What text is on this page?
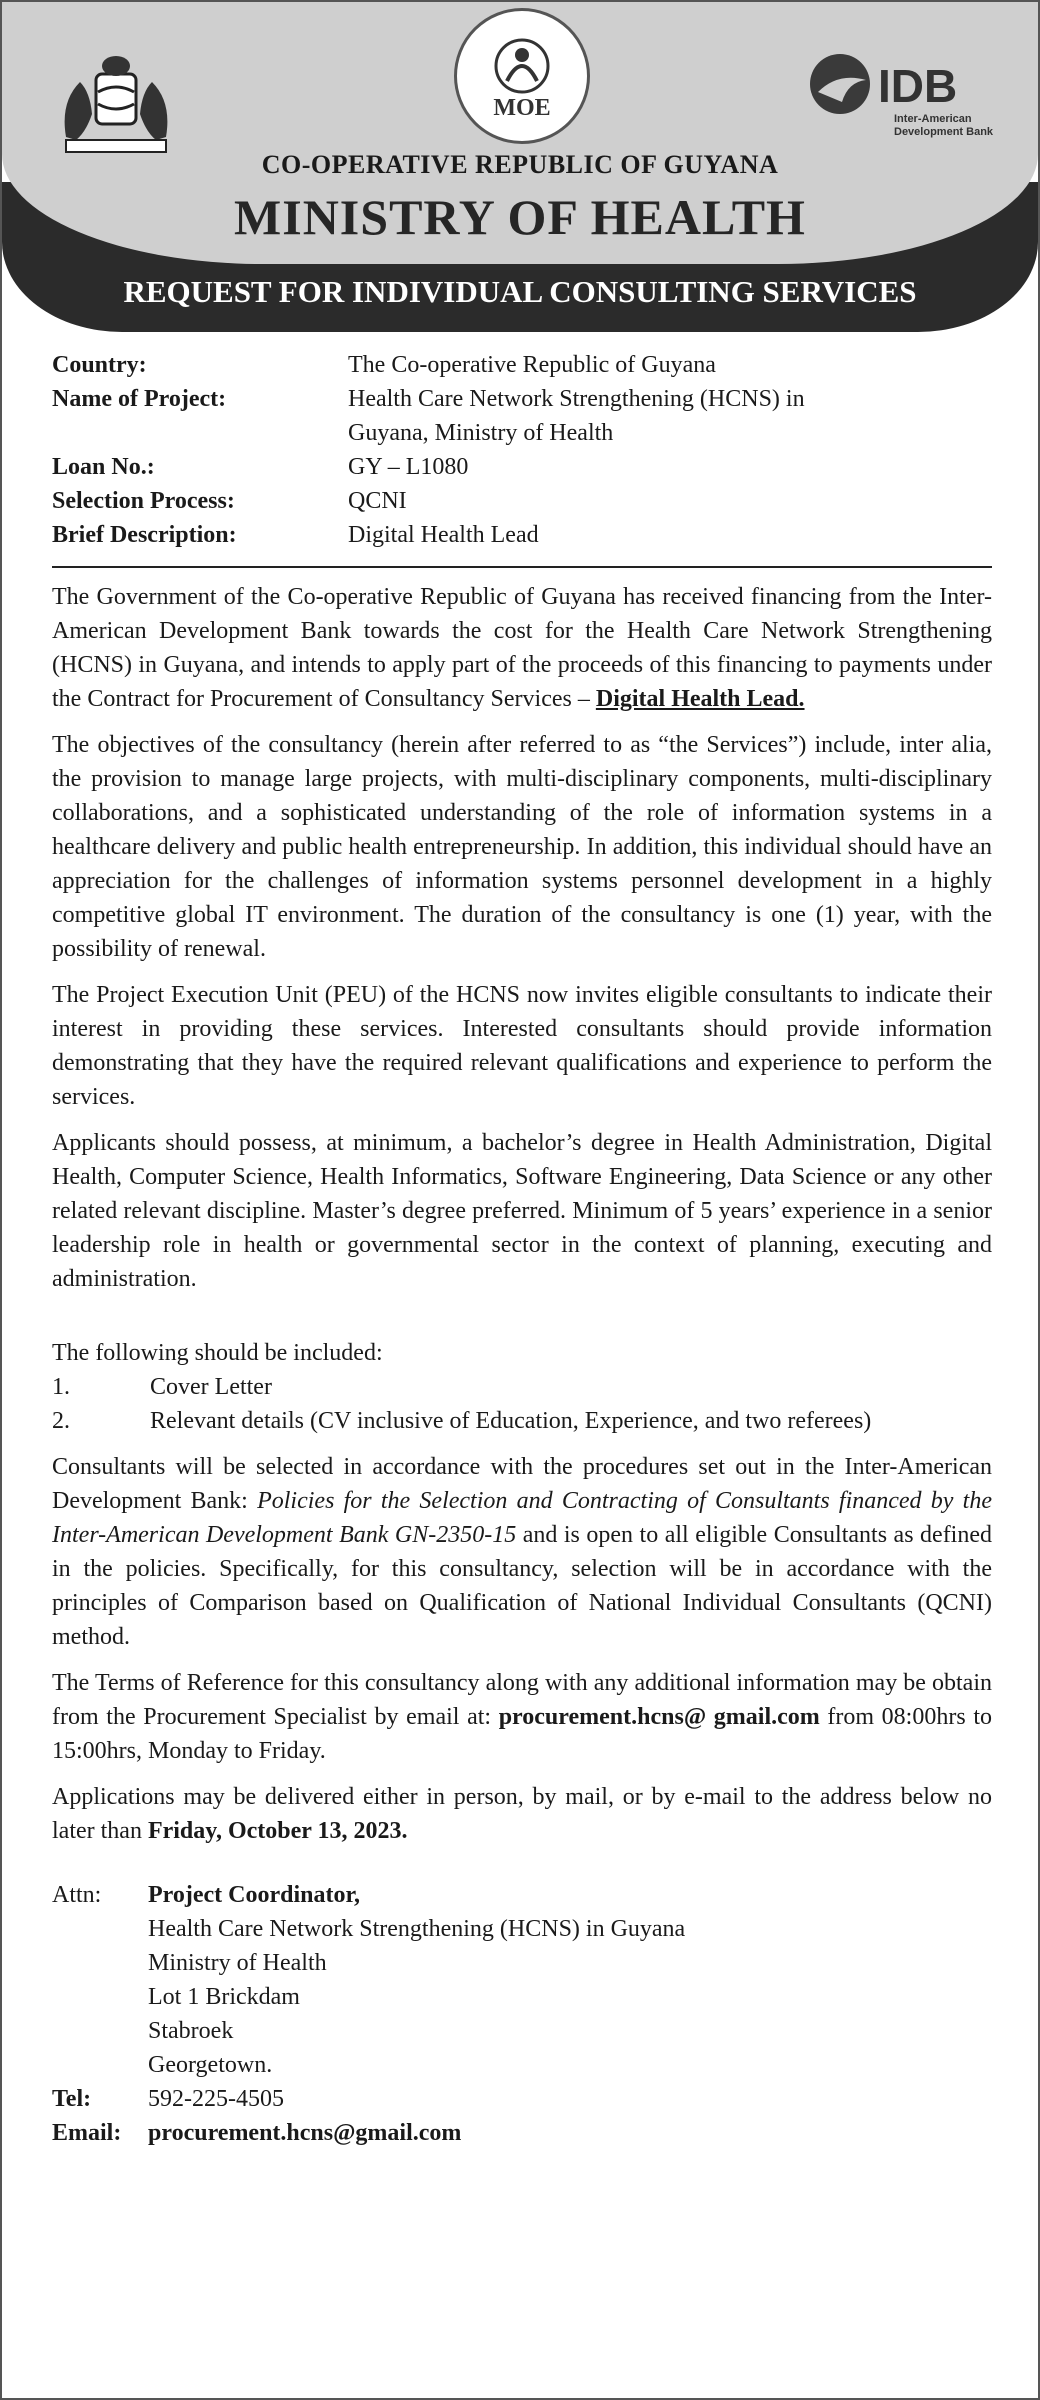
MOE	IDB
Inter-American
Development Bank
CO-OPERATIVE REPUBLIC OF GUYANA
MINISTRY OF HEALTH
REQUEST FOR INDIVIDUAL CONSULTING SERVICES
Country:	The Co-operative Republic of Guyana
Name of Project:	Health Care Network Strengthening (HCNS) in
Guyana, Ministry of Health
Loan No.:	GY – L1080
Selection Process:	QCNI
Brief Description:	Digital Health Lead

The Government of the Co-operative Republic of Guyana has received financing from the Inter-American Development Bank towards the cost for the Health Care Network Strengthening (HCNS) in Guyana, and intends to apply part of the proceeds of this financing to payments under the Contract for Procurement of Consultancy Services – Digital Health Lead.

The objectives of the consultancy (herein after referred to as “the Services”) include, inter alia, the provision to manage large projects, with multi-disciplinary components, multi-disciplinary collaborations, and a sophisticated understanding of the role of information systems in a healthcare delivery and public health entrepreneurship. In addition, this individual should have an appreciation for the challenges of information systems personnel development in a highly competitive global IT environment. The duration of the consultancy is one (1) year, with the possibility of renewal.

The Project Execution Unit (PEU) of the HCNS now invites eligible consultants to indicate their interest in providing these services. Interested consultants should provide information demonstrating that they have the required relevant qualifications and experience to perform the services.

Applicants should possess, at minimum, a bachelor’s degree in Health Administration, Digital Health, Computer Science, Health Informatics, Software Engineering, Data Science or any other related relevant discipline. Master’s degree preferred. Minimum of 5 years’ experience in a senior leadership role in health or governmental sector in the context of planning, executing and administration.

The following should be included:
1.	Cover Letter
2.	Relevant details (CV inclusive of Education, Experience, and two referees)

Consultants will be selected in accordance with the procedures set out in the Inter-American Development Bank: Policies for the Selection and Contracting of Consultants financed by the Inter-American Development Bank GN-2350-15 and is open to all eligible Consultants as defined in the policies. Specifically, for this consultancy, selection will be in accordance with the principles of Comparison based on Qualification of National Individual Consultants (QCNI) method.

The Terms of Reference for this consultancy along with any additional information may be obtain from the Procurement Specialist by email at: procurement.hcns@ gmail.com from 08:00hrs to 15:00hrs, Monday to Friday.

Applications may be delivered either in person, by mail, or by e-mail to the address below no later than Friday, October 13, 2023.

Attn:	Project Coordinator,
Health Care Network Strengthening (HCNS) in Guyana
Ministry of Health
Lot 1 Brickdam
Stabroek
Georgetown.
Tel:	592-225-4505
Email:	procurement.hcns@gmail.com
